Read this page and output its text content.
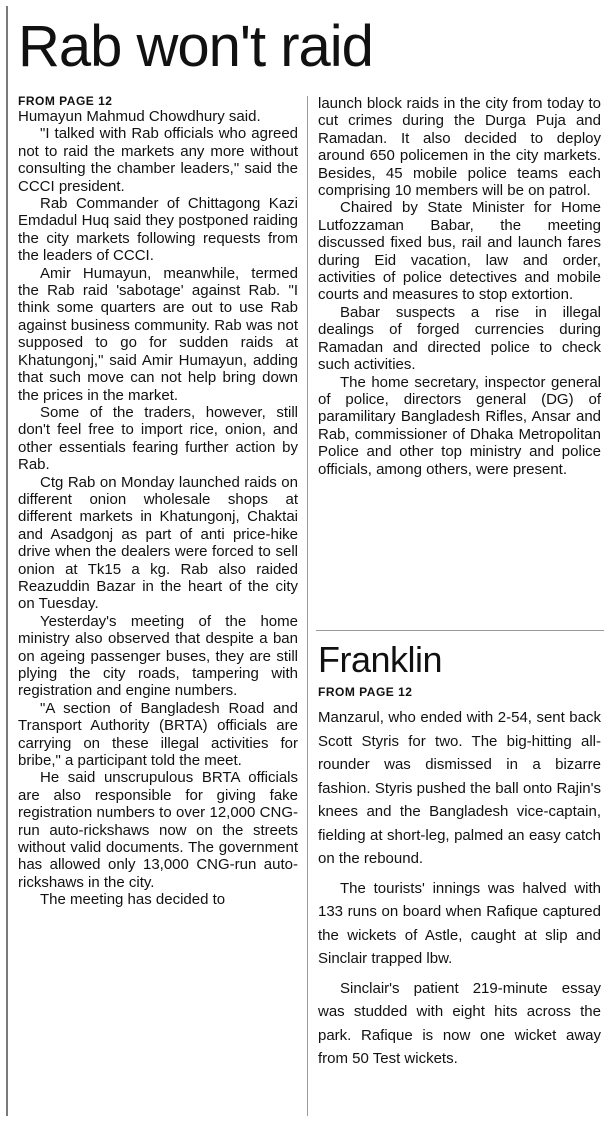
Rab won't raid
FROM PAGE 12

Humayun Mahmud Chowdhury said.

"I talked with Rab officials who agreed not to raid the markets any more without consulting the chamber leaders," said the CCCI president.

Rab Commander of Chittagong Kazi Emdadul Huq said they postponed raiding the city markets following requests from the leaders of CCCI.

Amir Humayun, meanwhile, termed the Rab raid 'sabotage' against Rab. "I think some quarters are out to use Rab against business community. Rab was not supposed to go for sudden raids at Khatungonj," said Amir Humayun, adding that such move can not help bring down the prices in the market.

Some of the traders, however, still don't feel free to import rice, onion, and other essentials fearing further action by Rab.

Ctg Rab on Monday launched raids on different onion wholesale shops at different markets in Khatungonj, Chaktai and Asadgonj as part of anti price-hike drive when the dealers were forced to sell onion at Tk15 a kg. Rab also raided Reazuddin Bazar in the heart of the city on Tuesday.

Yesterday's meeting of the home ministry also observed that despite a ban on ageing passenger buses, they are still plying the city roads, tampering with registration and engine numbers.

"A section of Bangladesh Road and Transport Authority (BRTA) officials are carrying on these illegal activities for bribe," a participant told the meet.

He said unscrupulous BRTA officials are also responsible for giving fake registration numbers to over 12,000 CNG-run auto-rickshaws now on the streets without valid documents. The government has allowed only 13,000 CNG-run auto-rickshaws in the city.

The meeting has decided to

launch block raids in the city from today to cut crimes during the Durga Puja and Ramadan. It also decided to deploy around 650 policemen in the city markets. Besides, 45 mobile police teams each comprising 10 members will be on patrol.

Chaired by State Minister for Home Lutfozzaman Babar, the meeting discussed fixed bus, rail and launch fares during Eid vacation, law and order, activities of police detectives and mobile courts and measures to stop extortion.

Babar suspects a rise in illegal dealings of forged currencies during Ramadan and directed police to check such activities.

The home secretary, inspector general of police, directors general (DG) of paramilitary Bangladesh Rifles, Ansar and Rab, commissioner of Dhaka Metropolitan Police and other top ministry and police officials, among others, were present.

Franklin
FROM PAGE 12

Manzarul, who ended with 2-54, sent back Scott Styris for two. The big-hitting all-rounder was dismissed in a bizarre fashion. Styris pushed the ball onto Rajin's knees and the Bangladesh vice-captain, fielding at short-leg, palmed an easy catch on the rebound.

The tourists' innings was halved with 133 runs on board when Rafique captured the wickets of Astle, caught at slip and Sinclair trapped lbw.

Sinclair's patient 219-minute essay was studded with eight hits across the park. Rafique is now one wicket away from 50 Test wickets.
